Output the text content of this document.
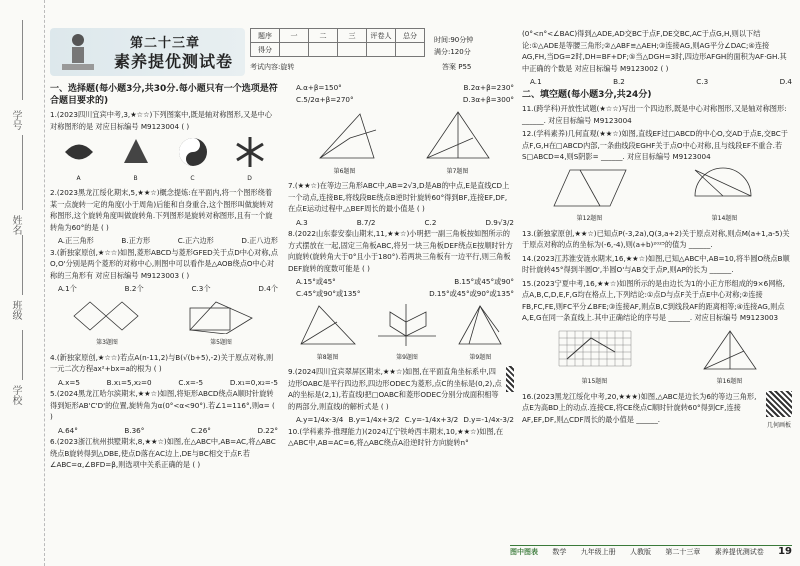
学校
班级
姓名
学号
第二十三章
素养提优测试卷
题序	一	二	三	评卷人	总分
得分					
时间:90分钟
满分:120分
考试内容:旋转	答案 P55
一、选择题(每小题3分,共30分.每小题只有一个选项是符合题目要求的)
1.(2023四川宜宾中考,3,★☆☆)下列图案中,既是轴对称图形,又是中心对称图形的是 对应目标编号 M9123004 ( )
A	B	C	D
2.(2023黑龙江绥化期末,5,★★☆)概念提炼:在平面内,将一个图形绕着某一点旋转一定的角度(小于周角)后能和自身重合,这个图形叫做旋转对称图形,这个旋转角度叫做旋转角.下列图形是旋转对称图形,且有一个旋转角为60°的是 ( )
A.正三角形	B.正方形	C.正六边形	D.正八边形
3.(新独家原创,★☆☆)如图,菱形ABCD与菱形GFED关于点D中心对称,点O,O'分别是两个菱形的对称中心,则图中可以看作是△AOB绕点O中心对称的三角形有 对应目标编号 M9123003 ( )
A.1个	B.2个	C.3个	D.4个
第3题图	第5题图
4.(新独家原创,★☆☆)若点A(n-11,2)与B(√(b+5),-2)关于原点对称,则一元二次方程ax²+bx=a的根为 ( )
A.x=5	B.x₁=5,x₂=0	C.x=-5	D.x₁=0,x₂=-5
5.(2024黑龙江哈尔滨期末,★★☆)如图,将矩形ABCD绕点A顺时针旋转得到矩形AB'C'D'的位置,旋转角为α(0°<α<90°).若∠1=116°,则α= ( )
A.64°	B.36°	C.26°	D.22°
6.(2023浙江杭州拱墅期末,8,★★☆)如图,在△ABC中,AB=AC,将△ABC绕点B旋转得到△DBE,使点D落在AC边上,DE与BC相交于点F.若∠ABC=α,∠BFD=β,则选项中关系正确的是 ( )
A.α+β=150°	B.2α+β=230°
C.5/2α+β=270°	D.3α+β=300°
第6题图	第7题图
7.(★★☆)在等边三角形ABC中,AB=2√3,D是AB的中点,E是直线CD上一个动点,连接BE,将线段BE绕点B逆时针旋转60°得到BF,连接EF,DF,在点E运动过程中,△BEF周长的最小值是 ( )
A.3	B.7/2	C.2	D.9√3/2
8.(2022山东泰安泰山期末,11,★★☆)小明把一副三角板按如图所示的方式摆放在一起,固定三角板ABC,将另一块三角板DEF绕点E按顺时针方向旋转(旋转角大于0°且小于180°).若两块三角板有一边平行,则三角板DEF旋转的度数可能是 ( )
A.15°或45°	B.15°或45°或90°
C.45°或90°或135°	D.15°或45°或90°或135°
第8题图	第9题图	第9题图
9.(2024四川宜宾翠屏区期末,★★☆)如图,在平面直角坐标系中,四边形OABC是平行四边形,四边形ODEC为菱形,点C的坐标是(0,2),点A的坐标是(2,1),若直线l把□OABC和菱形ODEC分别分成面积相等的两部分,则直线l的解析式是 ( )
A.y=1/4x-3/4 B.y=1/4x+3/2 C.y=-1/4x+3/2 D.y=-1/4x-3/2
10.(学科素养·推理能力)(2024辽宁铁岭西丰期末,10,★★☆)如图,在△ABC中,AB=AC=6,将△ABC绕点A沿逆时针方向旋转n°
(0°<n°<∠BAC)得到△ADE,AD交BC于点F,DE交BC,AC于点G,H,则以下结论:①△ADE是等腰三角形;②△ABF≌△AEH;③连接AG,则AG平分∠DAC;④连接AG,FH,当DG=2时,DH=BF+DF;⑤当△DGH=3时,四边形AFGH的面积为AF·GH.其中正确的个数是 对应目标编号 M9123002 ( )
A.1	B.2	C.3	D.4
二、填空题(每小题3分,共24分)
11.(跨学科)开放性试题(★☆☆)写出一个四边形,既是中心对称图形,又是轴对称图形: ______. 对应目标编号 M9123004
12.(学科素养)几何直观(★★☆)如图,直线EF过□ABCD的中心O,交AD于点E,交BC于点F,G,H在□ABCD内部,一条曲线段EGHF关于点O中心对称,且与线段EF不重合.若S□ABCD=4,则S阴影= ______. 对应目标编号 M9123004
第12题图	第14题图
13.(新独家原创,★★☆)已知点P(-3,2a),Q(3,a+2)关于原点对称,则点M(a+1,a-5)关于原点对称的点的坐标为(-6,-4),则(a+b)²⁰²⁵的值为 ______.
14.(2023江苏淮安涟水期末,16,★★☆)如图,已知△ABC中,AB=10,将半圆O绕点B顺时针旋转45°得到半圆O',半圆O'与AB交于点P,则AP的长为 ______.
15.(2023宁夏中考,16,★★☆)如图所示的是由边长为1的小正方形组成的9×6网格,点A,B,C,D,E,F,G均在格点上,下列结论:①点D与点F关于点E中心对称;②连接FB,FC,FE,则FC平分∠BFE;③连接AF,则点B,C到线段AF的距离相等;④连接AG,则点A,E,G在同一条直线上.其中正确结论的序号是 ______. 对应目标编号 M9123003
第15题图	第16题图
16.(2023黑龙江绥化中考,20,★★★)如图,△ABC是边长为6的等边三角形,点E为高BD上的动点.连接CE,将CE绕点C顺时针旋转60°得到CF,连接AF,EF,DF,则△CDF周长的最小值是 ______.
几何画板
图中图表 数学 九年级上册 人教版 第二十三章 素养提优测试卷 19
